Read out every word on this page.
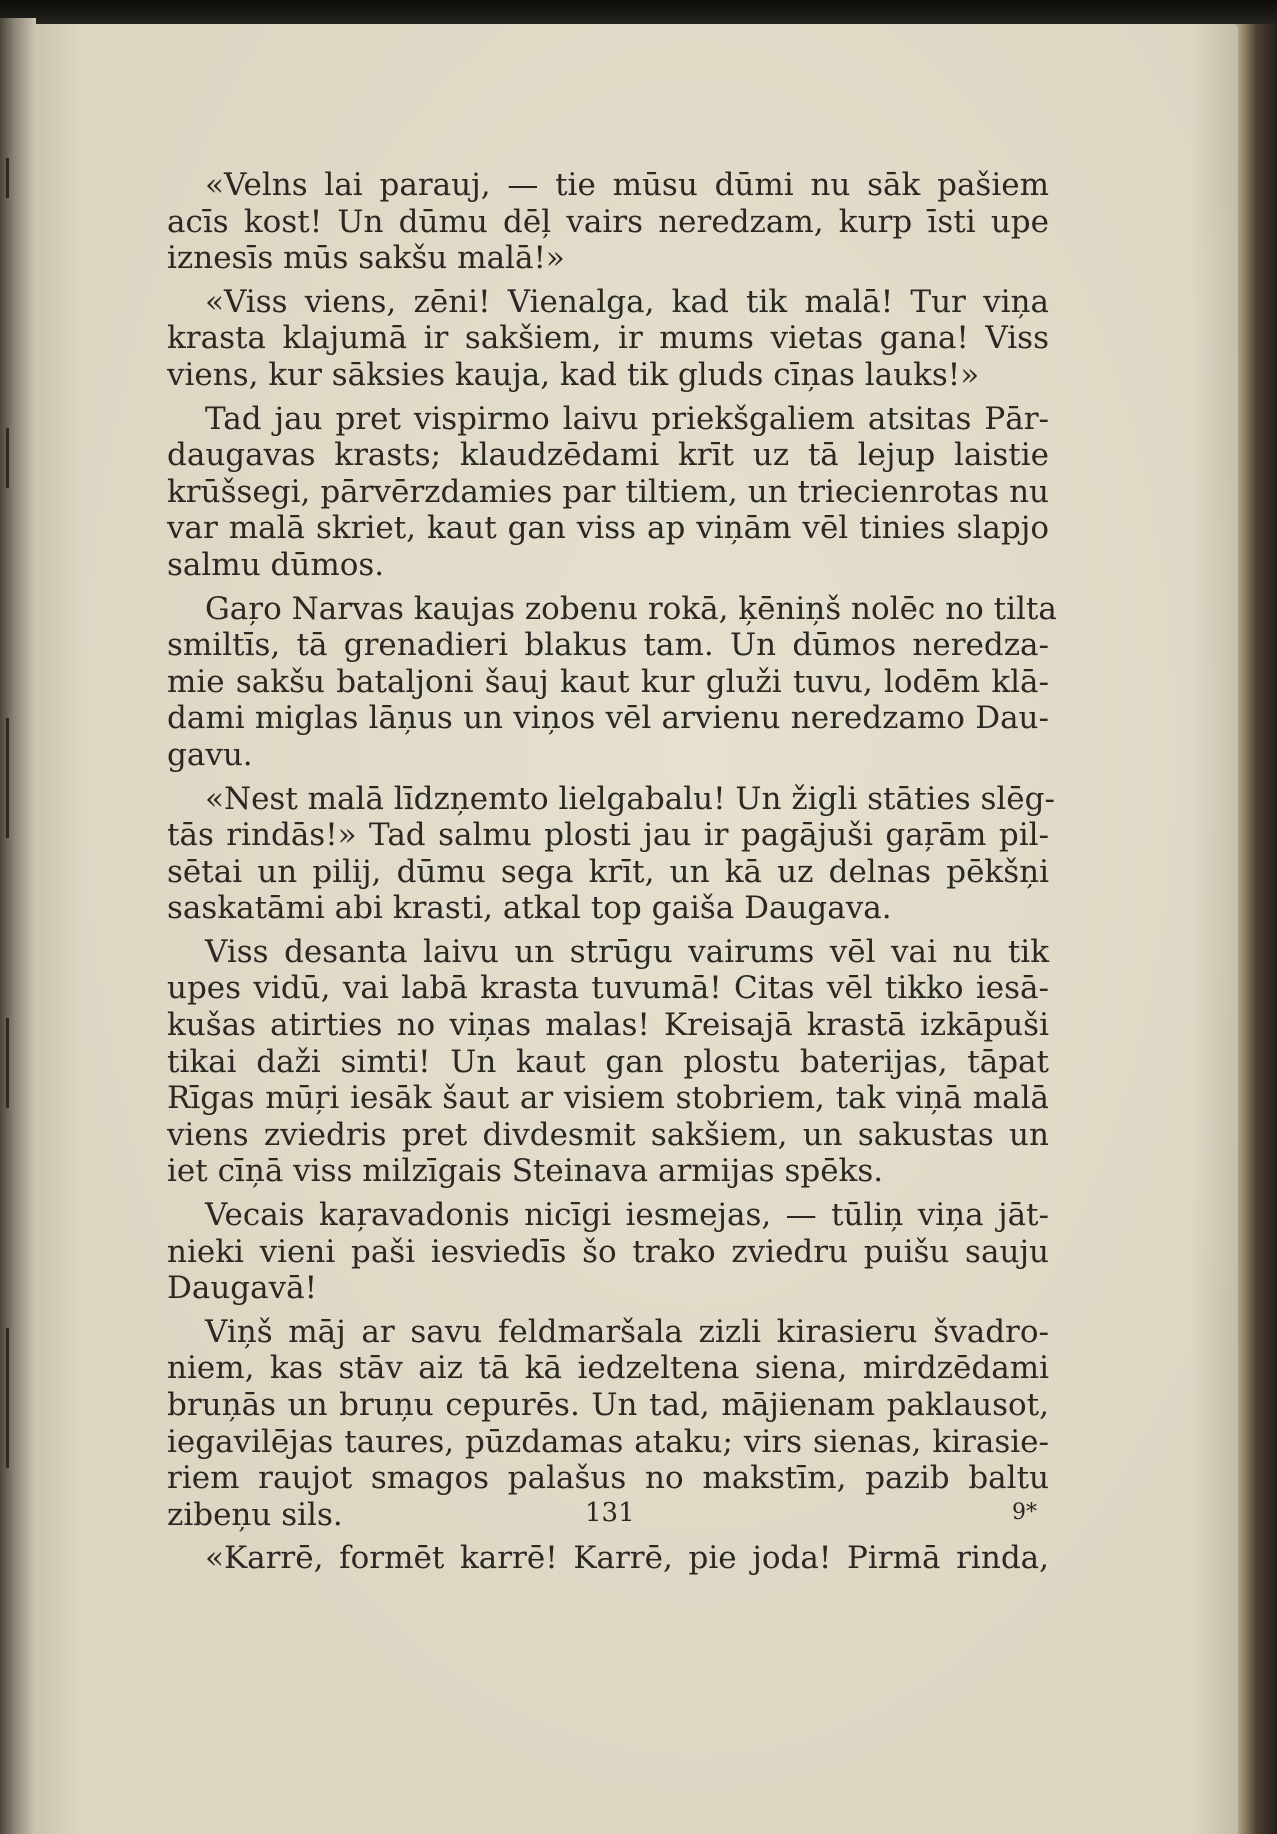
«Velns lai parauj, — tie mūsu dūmi nu sāk pašiem
acīs kost! Un dūmu dēļ vairs neredzam, kurp īsti upe
iznesīs mūs sakšu malā!»
«Viss viens, zēni! Vienalga, kad tik malā! Tur viņa
krasta klajumā ir sakšiem, ir mums vietas gana! Viss
viens, kur sāksies kauja, kad tik gluds cīņas lauks!»
Tad jau pret vispirmo laivu priekšgaliem atsitas Pār-
daugavas krasts; klaudzēdami krīt uz tā lejup laistie
krūšsegi, pārvērzdamies par tiltiem, un triecienrotas nu
var malā skriet, kaut gan viss ap viņām vēl tinies slapjo
salmu dūmos.
Gaŗo Narvas kaujas zobenu rokā, ķēniņš nolēc no tilta
smiltīs, tā grenadieri blakus tam. Un dūmos neredza-
mie sakšu bataljoni šauj kaut kur gluži tuvu, lodēm klā-
dami miglas lāņus un viņos vēl arvienu neredzamo Dau-
gavu.
«Nest malā līdzņemto lielgabalu! Un žigli stāties slēg-
tās rindās!» Tad salmu plosti jau ir pagājuši gaŗām pil-
sētai un pilij, dūmu sega krīt, un kā uz delnas pēkšņi
saskatāmi abi krasti, atkal top gaiša Daugava.
Viss desanta laivu un strūgu vairums vēl vai nu tik
upes vidū, vai labā krasta tuvumā! Citas vēl tikko iesā-
kušas atirties no viņas malas! Kreisajā krastā izkāpuši
tikai daži simti! Un kaut gan plostu baterijas, tāpat
Rīgas mūŗi iesāk šaut ar visiem stobriem, tak viņā malā
viens zviedris pret divdesmit sakšiem, un sakustas un
iet cīņā viss milzīgais Steinava armijas spēks.
Vecais kaŗavadonis nicīgi iesmejas, — tūliņ viņa jāt-
nieki vieni paši iesviedīs šo trako zviedru puišu sauju
Daugavā!
Viņš māj ar savu feldmaršala zizli kirasieru švadro-
niem, kas stāv aiz tā kā iedzeltena siena, mirdzēdami
bruņās un bruņu cepurēs. Un tad, mājienam paklausot,
iegavilējas taures, pūzdamas ataku; virs sienas, kirasie-
riem raujot smagos palašus no makstīm, pazib baltu
zibeņu sils.
«Karrē, formēt karrē! Karrē, pie joda! Pirmā rinda,
131	9*
